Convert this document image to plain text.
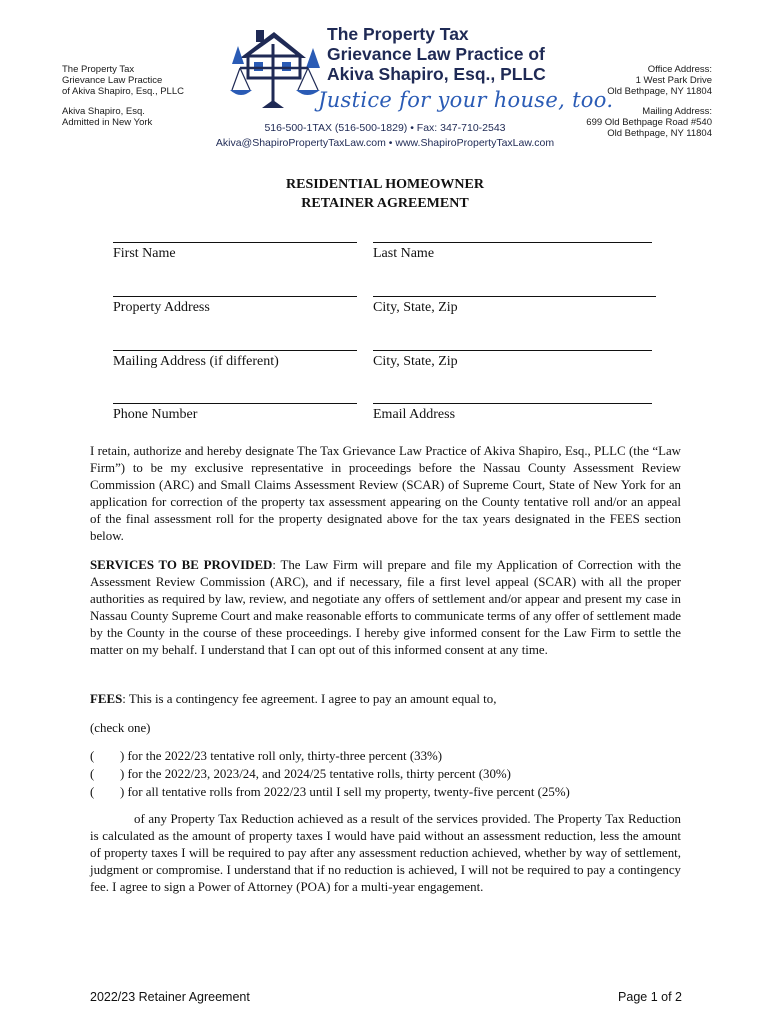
The Property Tax
Grievance Law Practice
of Akiva Shapiro, Esq., PLLC
Akiva Shapiro, Esq.
Admitted in New York
Office Address:
1 West Park Drive
Old Bethpage, NY 11804
Mailing Address:
699 Old Bethpage Road #540
Old Bethpage, NY 11804
The Property Tax
Grievance Law Practice of
Akiva Shapiro, Esq., PLLC
Justice for your house, too.
516-500-1TAX (516-500-1829) • Fax: 347-710-2543
Akiva@ShapiroPropertyTaxLaw.com • www.ShapiroPropertyTaxLaw.com
RESIDENTIAL HOMEOWNER
RETAINER AGREEMENT
First Name	Last Name
Property Address	City, State, Zip
Mailing Address (if different)	City, State, Zip
Phone Number	Email Address
I retain, authorize and hereby designate The Tax Grievance Law Practice of Akiva Shapiro, Esq., PLLC (the “Law Firm”) to be my exclusive representative in proceedings before the Nassau County Assessment Review Commission (ARC) and Small Claims Assessment Review (SCAR) of Supreme Court, State of New York for an application for correction of the property tax assessment appearing on the County tentative roll and/or an appeal of the final assessment roll for the property designated above for the tax years designated in the FEES section below.
SERVICES TO BE PROVIDED: The Law Firm will prepare and file my Application of Correction with the Assessment Review Commission (ARC), and if necessary, file a first level appeal (SCAR) with all the proper authorities as required by law, review, and negotiate any offers of settlement and/or appear and present my case in Nassau County Supreme Court and make reasonable efforts to communicate terms of any offer of settlement made by the County in the course of these proceedings. I hereby give informed consent for the Law Firm to settle the matter on my behalf. I understand that I can opt out of this informed consent at any time.
FEES: This is a contingency fee agreement. I agree to pay an amount equal to,
(check one)
( ) for the 2022/23 tentative roll only, thirty-three percent (33%)
( ) for the 2022/23, 2023/24, and 2024/25 tentative rolls, thirty percent (30%)
( ) for all tentative rolls from 2022/23 until I sell my property, twenty-five percent (25%)
of any Property Tax Reduction achieved as a result of the services provided. The Property Tax Reduction is calculated as the amount of property taxes I would have paid without an assessment reduction, less the amount of property taxes I will be required to pay after any assessment reduction achieved, whether by way of settlement, judgment or compromise. I understand that if no reduction is achieved, I will not be required to pay a contingency fee. I agree to sign a Power of Attorney (POA) for a multi-year engagement.
2022/23 Retainer Agreement	Page 1 of 2
